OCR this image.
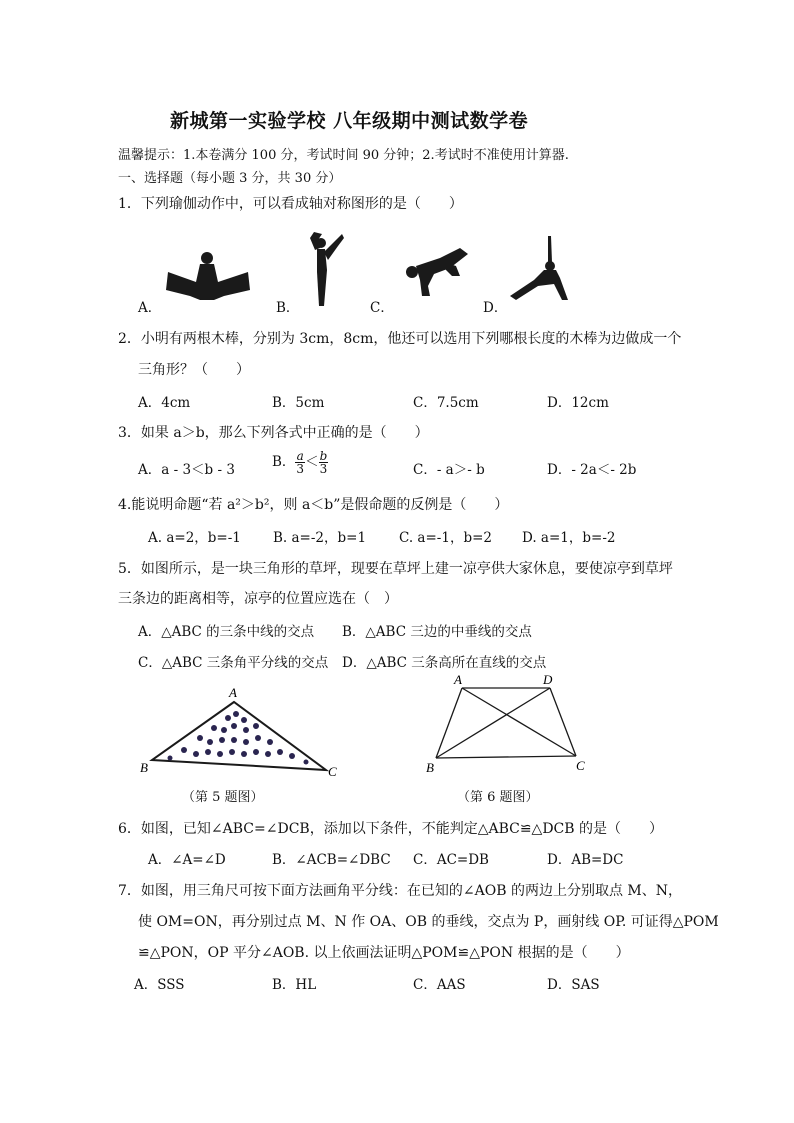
新城第一实验学校 八年级期中测试数学卷
温馨提示：1.本卷满分 100 分，考试时间 90 分钟；2.考试时不准使用计算器.
一、选择题（每小题 3 分，共 30 分）
1．下列瑜伽动作中，可以看成轴对称图形的是（　　）
A．	B．	C．	D．
2．小明有两根木棒，分别为 3cm，8cm，他还可以选用下列哪根长度的木棒为边做成一个
三角形？（　　）
A．4cm	B．5cm	C．7.5cm	D．12cm
3．如果 a＞b，那么下列各式中正确的是（　　）
A．a - 3＜b - 3	B． $\frac{a}{3} < \frac{b}{3}$	C．- a＞- b	D．- 2a＜- 2b
4.能说明命题“若 a²＞b²，则 a＜b”是假命题的反例是（　　）
A. a=2，b=-1 B. a=-2，b=1 C. a=-1，b=2 D. a=1，b=-2
5．如图所示，是一块三角形的草坪，现要在草坪上建一凉亭供大家休息，要使凉亭到草坪
三条边的距离相等，凉亭的位置应选在（　）
A．△ABC 的三条中线的交点 B．△ABC 三边的中垂线的交点
C．△ABC 三条角平分线的交点 D．△ABC 三条高所在直线的交点
A
B	C
（第 5 题图）
A	D
B	C
（第 6 题图）
6．如图，已知∠ABC=∠DCB，添加以下条件，不能判定△ABC≌△DCB 的是（　　）
A．∠A=∠D	B．∠ACB=∠DBC C．AC=DB	D．AB=DC
7．如图，用三角尺可按下面方法画角平分线：在已知的∠AOB 的两边上分别取点 M、N，
使 OM=ON，再分别过点 M、N 作 OA、OB 的垂线，交点为 P，画射线 OP. 可证得△POM
≌△PON，OP 平分∠AOB. 以上依画法证明△POM≌△PON 根据的是（　　）
A．SSS	B．HL	C．AAS	D．SAS
